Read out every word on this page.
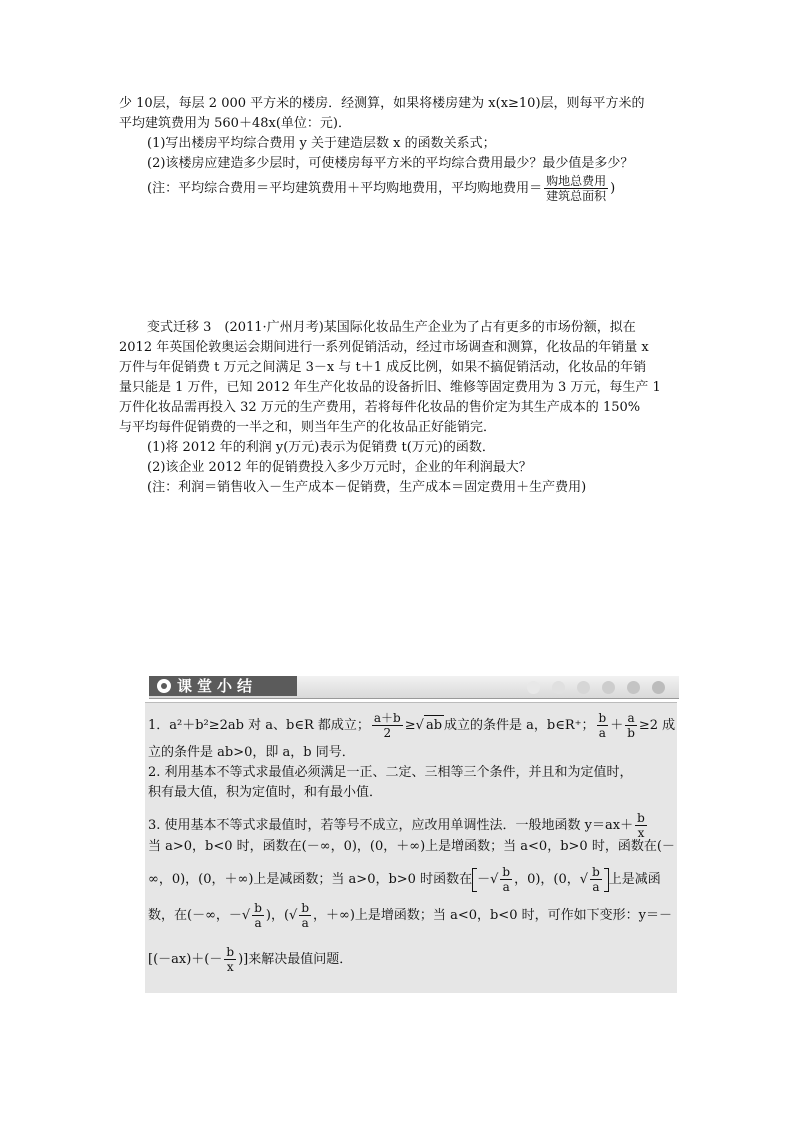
少 10层，每层 2 000 平方米的楼房．经测算，如果将楼房建为 x(x≥10)层，则每平方米的
平均建筑费用为 560＋48x(单位：元)．
(1)写出楼房平均综合费用 y 关于建造层数 x 的函数关系式；
(2)该楼房应建造多少层时，可使楼房每平方米的平均综合费用最少？最少值是多少？
(注：平均综合费用＝平均建筑费用＋平均购地费用，平均购地费用＝ $\frac{\text{购地总费用}}{\text{建筑总面积}}$ )
变式迁移 3　(2011·广州月考)某国际化妆品生产企业为了占有更多的市场份额，拟在
2012 年英国伦敦奥运会期间进行一系列促销活动，经过市场调查和测算，化妆品的年销量 x
万件与年促销费 t 万元之间满足 3－x 与 t＋1 成反比例，如果不搞促销活动，化妆品的年销
量只能是 1 万件，已知 2012 年生产化妆品的设备折旧、维修等固定费用为 3 万元，每生产 1
万件化妆品需再投入 32 万元的生产费用，若将每件化妆品的售价定为其生产成本的 150%
与平均每件促销费的一半之和，则当年生产的化妆品正好能销完．
(1)将 2012 年的利润 y(万元)表示为促销费 t(万元)的函数．
(2)该企业 2012 年的促销费投入多少万元时，企业的年利润最大？
(注：利润＝销售收入－生产成本－促销费，生产成本＝固定费用＋生产费用)
课堂小结
1．a²＋b²≥2ab 对 a、b∈R 都成立； $\frac{a+b}{2}$ ≥√ ab 成立的条件是 a，b∈R⁺； $\frac{b}{a} + \frac{a}{b} \ge 2$ 成
立的条件是 ab>0，即 a，b 同号．
2. 利用基本不等式求最值必须满足一正、二定、三相等三个条件，并且和为定值时，
积有最大值，积为定值时，和有最小值．
3. 使用基本不等式求最值时，若等号不成立，应改用单调性法．一般地函数 $y=ax+ \frac{b}{x}$
当 a>0，b<0 时，函数在(－∞，0)，(0，＋∞)上是增函数；当 a<0，b>0 时，函数在(－
∞，0)，(0，＋∞)上是减函数；当 a>0，b>0 时函数在 －√ $\frac{b}{a}$ ，0)，(0，√ $\frac{b}{a}$ 上是减函
数，在(－∞，－√ $\frac{b}{a}$ )，(√ $\frac{b}{a}$ ，＋∞)上是增函数；当 a<0，b<0 时，可作如下变形：y＝－
[$(-ax)+(- \frac{b}{x}$ )]来解决最值问题．
